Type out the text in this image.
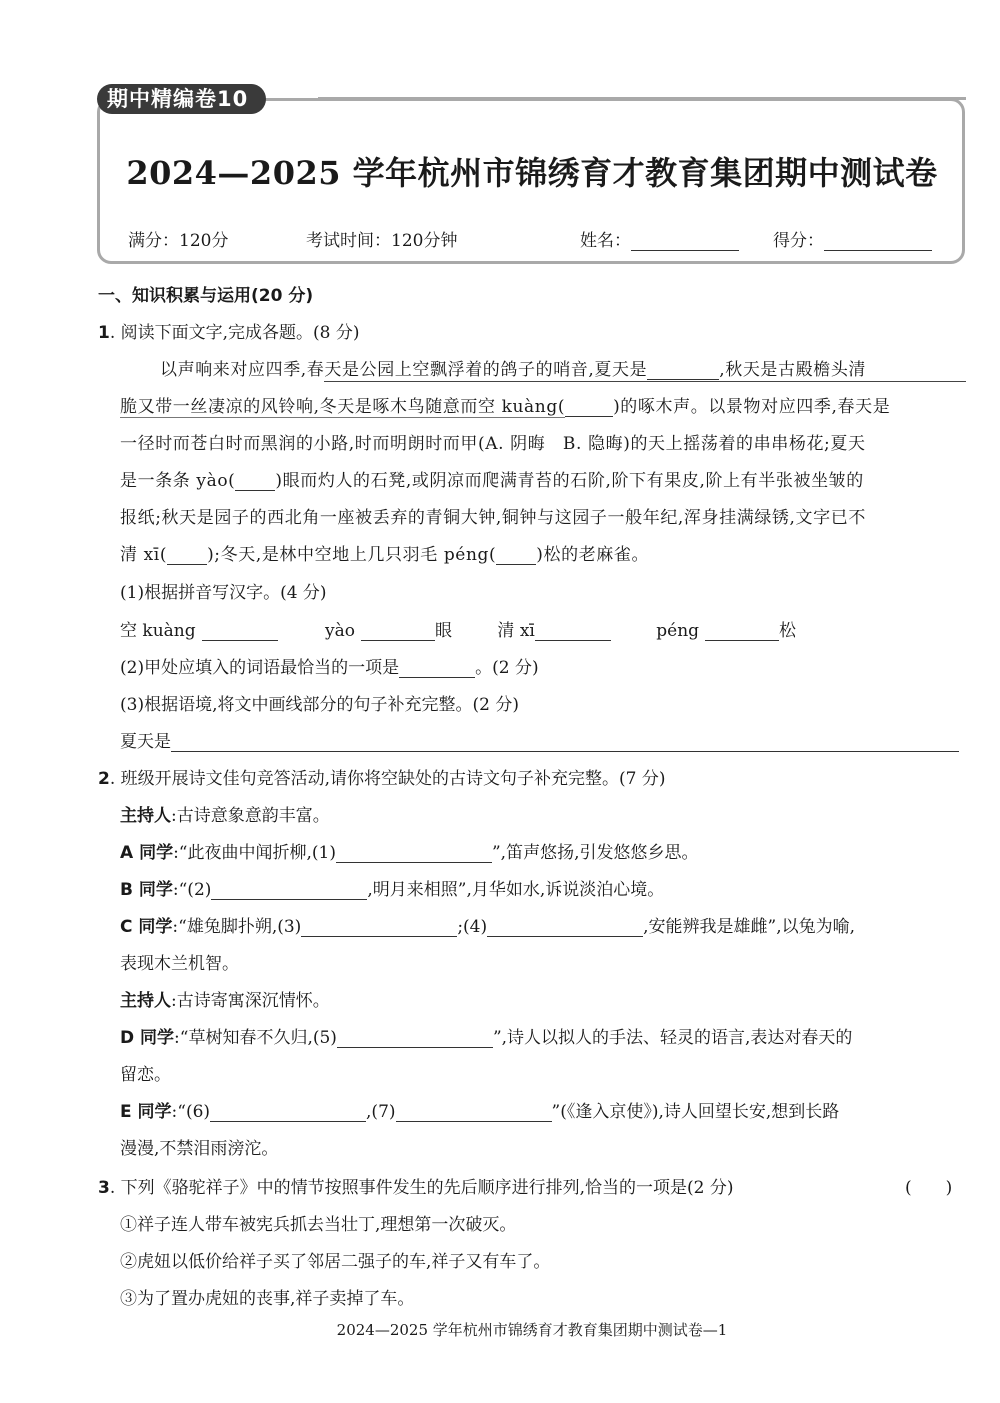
期中精编卷10
2024—2025 学年杭州市锦绣育才教育集团期中测试卷
满分：120分	考试时间：120分钟	姓名：	得分：
一、知识积累与运用(20 分)
1. 阅读下面文字,完成各题。(8 分)
以声响来对应四季,春天是公园上空飘浮着的鸽子的哨音,夏天是	,秋天是古殿檐头清
脆又带一丝凄凉的风铃响,冬天是啄木鸟随意而空 kuàng(	)的啄木声。以景物对应四季,春天是
一径时而苍白时而黑润的小路,时而明朗时而甲(A. 阴晦　B. 隐晦)的天上摇荡着的串串杨花;夏天
是一条条 yào( )眼而灼人的石凳,或阴凉而爬满青苔的石阶,阶下有果皮,阶上有半张被坐皱的
报纸;秋天是园子的西北角一座被丢弃的青铜大钟,铜钟与这园子一般年纪,浑身挂满绿锈,文字已不
清 xī( );冬天,是林中空地上几只羽毛 péng( )松的老麻雀。
(1)根据拼音写汉字。(4 分)
空 kuàng	yào	眼	清 xī	péng	松
(2)甲处应填入的词语最恰当的一项是	。(2 分)
(3)根据语境,将文中画线部分的句子补充完整。(2 分)
夏天是
2. 班级开展诗文佳句竞答活动,请你将空缺处的古诗文句子补充完整。(7 分)
主持人:古诗意象意韵丰富。
A 同学:“此夜曲中闻折柳,(1)	”,笛声悠扬,引发悠悠乡思。
B 同学:“(2)	,明月来相照”,月华如水,诉说淡泊心境。
C 同学:“雄兔脚扑朔,(3)	;(4)	,安能辨我是雄雌”,以兔为喻,
表现木兰机智。
主持人:古诗寄寓深沉情怀。
D 同学:“草树知春不久归,(5)	”,诗人以拟人的手法、轻灵的语言,表达对春天的
留恋。
E 同学:“(6)	,(7)	”(《逢入京使》),诗人回望长安,想到长路
漫漫,不禁泪雨滂沱。
3. 下列《骆驼祥子》中的情节按照事件发生的先后顺序进行排列,恰当的一项是(2 分)	(　　)
①祥子连人带车被宪兵抓去当壮丁,理想第一次破灭。
②虎妞以低价给祥子买了邻居二强子的车,祥子又有车了。
③为了置办虎妞的丧事,祥子卖掉了车。
2024—2025 学年杭州市锦绣育才教育集团期中测试卷—1
